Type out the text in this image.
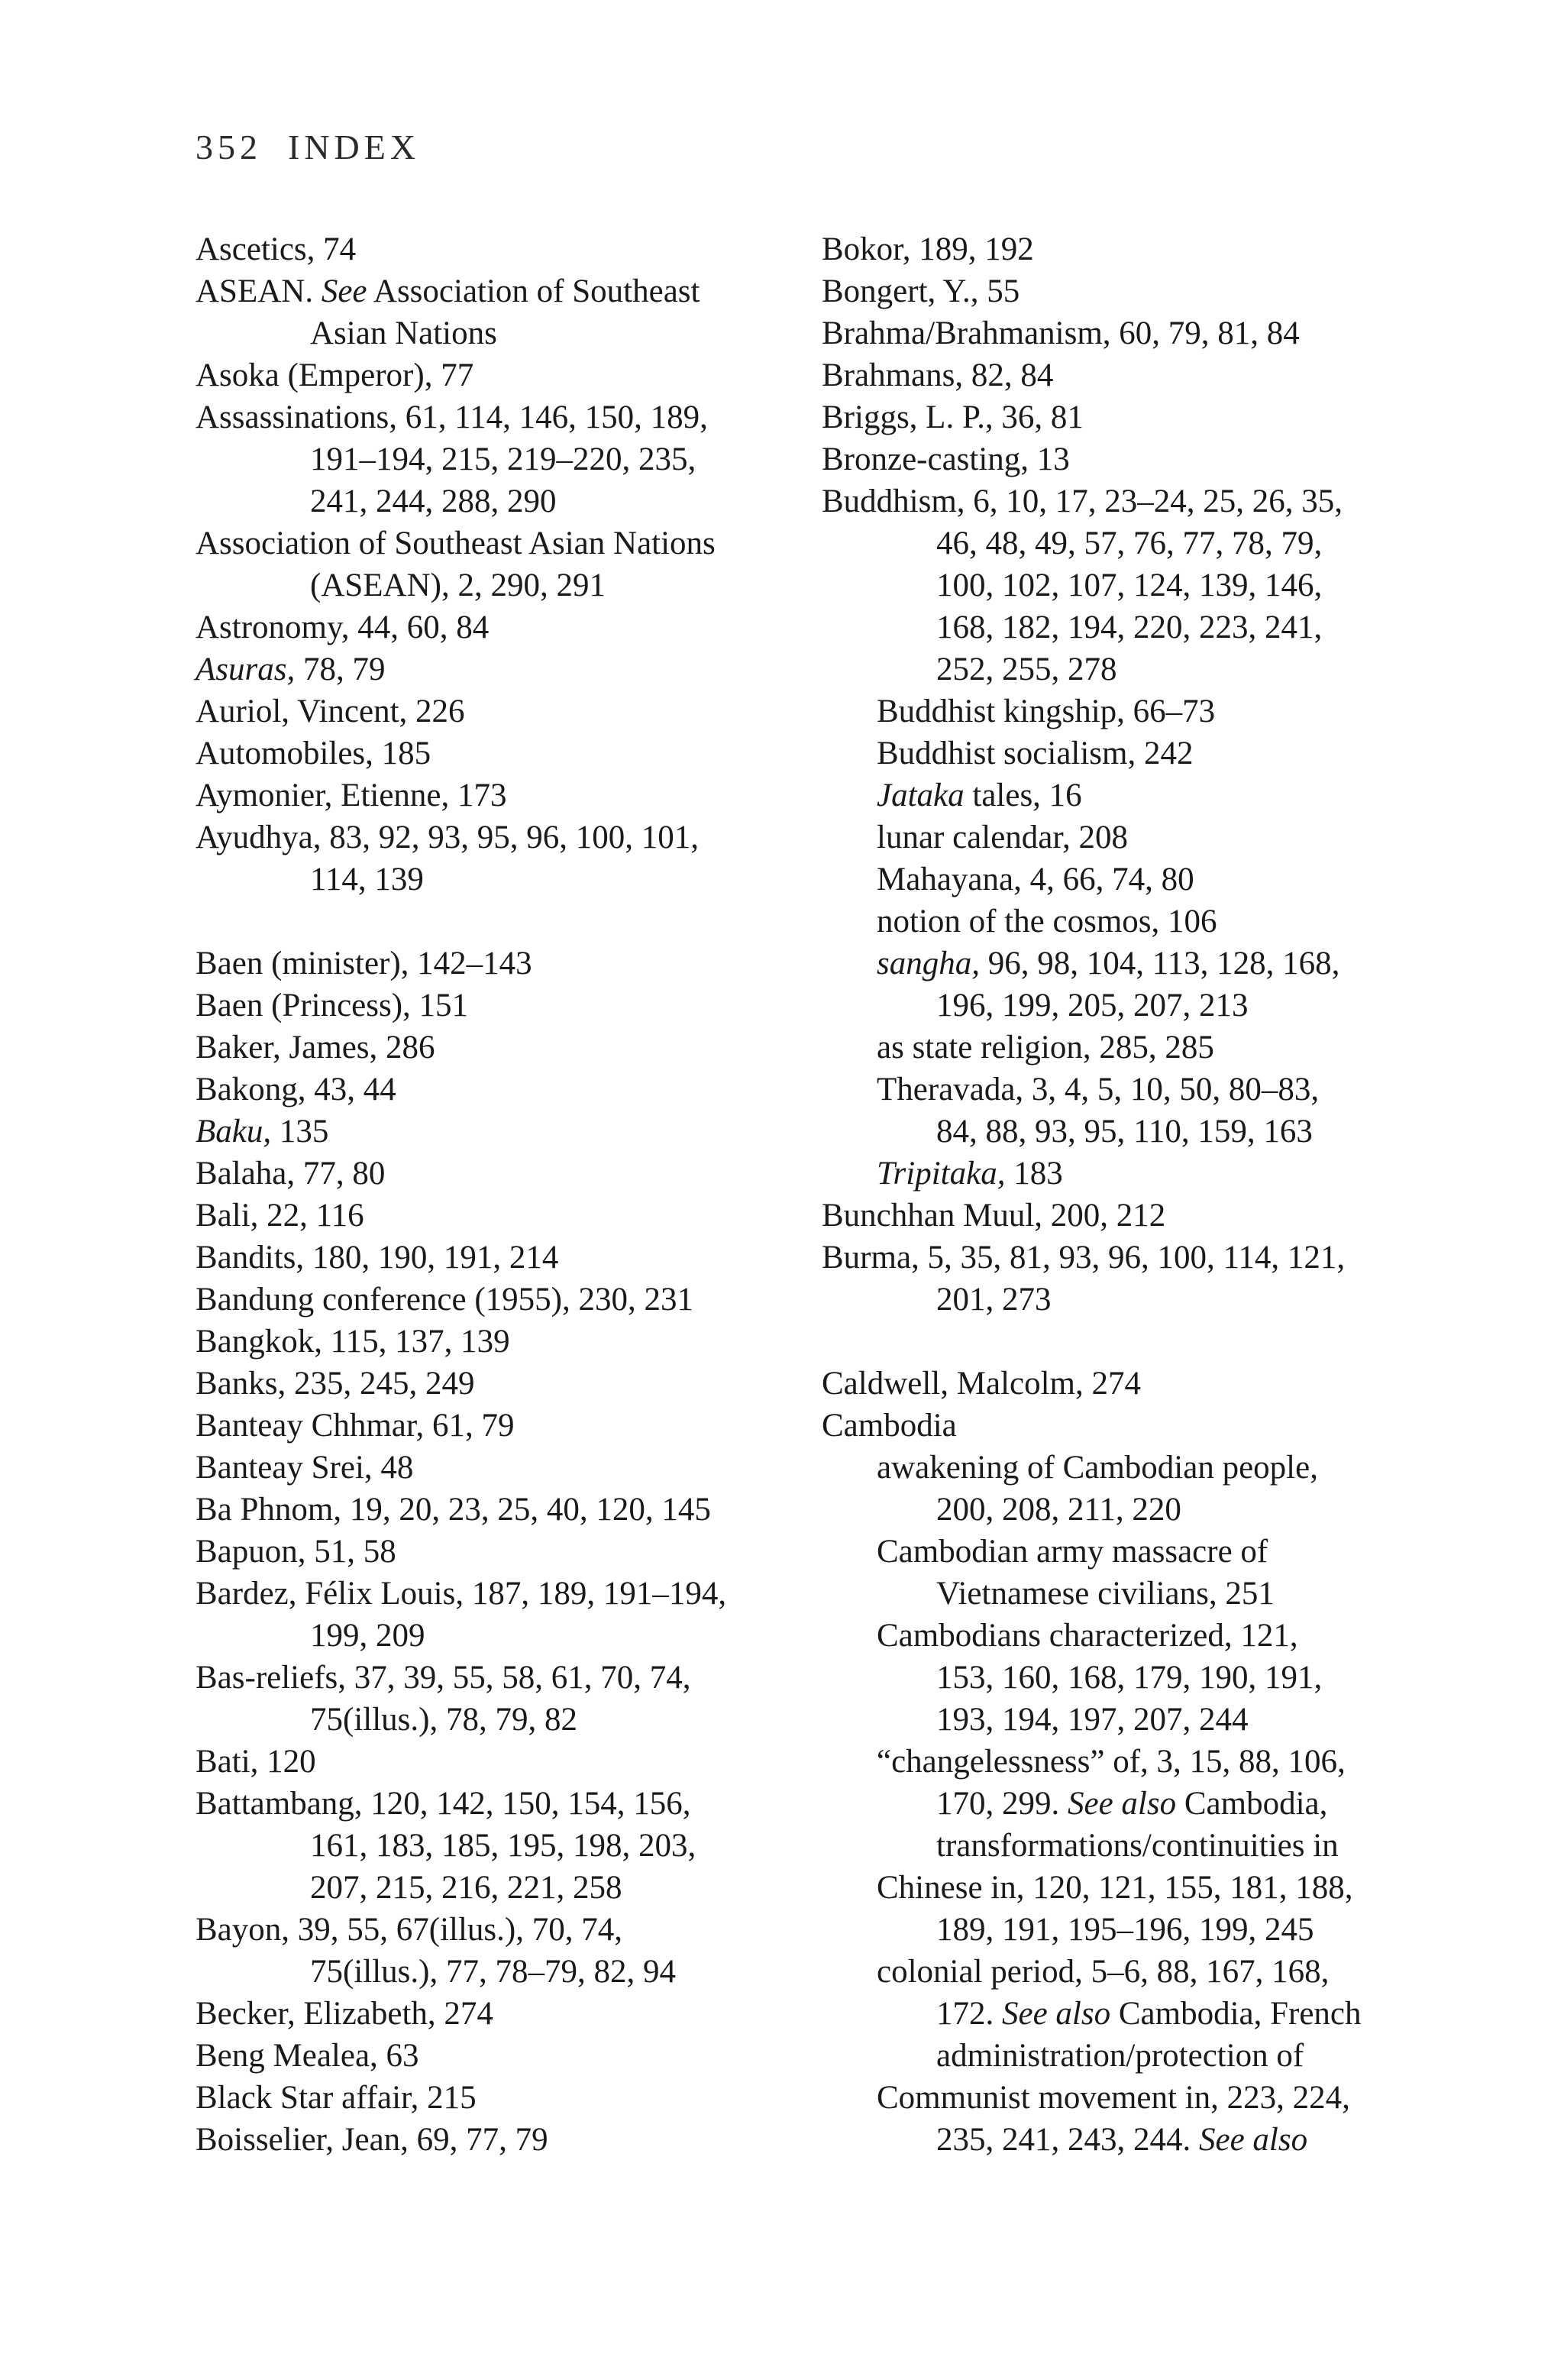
352 INDEX
Ascetics, 74
ASEAN. See Association of Southeast
Asian Nations
Asoka (Emperor), 77
Assassinations, 61, 114, 146, 150, 189,
191–194, 215, 219–220, 235,
241, 244, 288, 290
Association of Southeast Asian Nations
(ASEAN), 2, 290, 291
Astronomy, 44, 60, 84
Asuras, 78, 79
Auriol, Vincent, 226
Automobiles, 185
Aymonier, Etienne, 173
Ayudhya, 83, 92, 93, 95, 96, 100, 101,
114, 139
Baen (minister), 142–143
Baen (Princess), 151
Baker, James, 286
Bakong, 43, 44
Baku, 135
Balaha, 77, 80
Bali, 22, 116
Bandits, 180, 190, 191, 214
Bandung conference (1955), 230, 231
Bangkok, 115, 137, 139
Banks, 235, 245, 249
Banteay Chhmar, 61, 79
Banteay Srei, 48
Ba Phnom, 19, 20, 23, 25, 40, 120, 145
Bapuon, 51, 58
Bardez, Félix Louis, 187, 189, 191–194,
199, 209
Bas-reliefs, 37, 39, 55, 58, 61, 70, 74,
75(illus.), 78, 79, 82
Bati, 120
Battambang, 120, 142, 150, 154, 156,
161, 183, 185, 195, 198, 203,
207, 215, 216, 221, 258
Bayon, 39, 55, 67(illus.), 70, 74,
75(illus.), 77, 78–79, 82, 94
Becker, Elizabeth, 274
Beng Mealea, 63
Black Star affair, 215
Boisselier, Jean, 69, 77, 79
Bokor, 189, 192
Bongert, Y., 55
Brahma/Brahmanism, 60, 79, 81, 84
Brahmans, 82, 84
Briggs, L. P., 36, 81
Bronze-casting, 13
Buddhism, 6, 10, 17, 23–24, 25, 26, 35,
46, 48, 49, 57, 76, 77, 78, 79,
100, 102, 107, 124, 139, 146,
168, 182, 194, 220, 223, 241,
252, 255, 278
Buddhist kingship, 66–73
Buddhist socialism, 242
Jataka tales, 16
lunar calendar, 208
Mahayana, 4, 66, 74, 80
notion of the cosmos, 106
sangha, 96, 98, 104, 113, 128, 168,
196, 199, 205, 207, 213
as state religion, 285, 285
Theravada, 3, 4, 5, 10, 50, 80–83,
84, 88, 93, 95, 110, 159, 163
Tripitaka, 183
Bunchhan Muul, 200, 212
Burma, 5, 35, 81, 93, 96, 100, 114, 121,
201, 273
Caldwell, Malcolm, 274
Cambodia
awakening of Cambodian people,
200, 208, 211, 220
Cambodian army massacre of
Vietnamese civilians, 251
Cambodians characterized, 121,
153, 160, 168, 179, 190, 191,
193, 194, 197, 207, 244
“changelessness” of, 3, 15, 88, 106,
170, 299. See also Cambodia,
transformations/continuities in
Chinese in, 120, 121, 155, 181, 188,
189, 191, 195–196, 199, 245
colonial period, 5–6, 88, 167, 168,
172. See also Cambodia, French
administration/protection of
Communist movement in, 223, 224,
235, 241, 243, 244. See also
